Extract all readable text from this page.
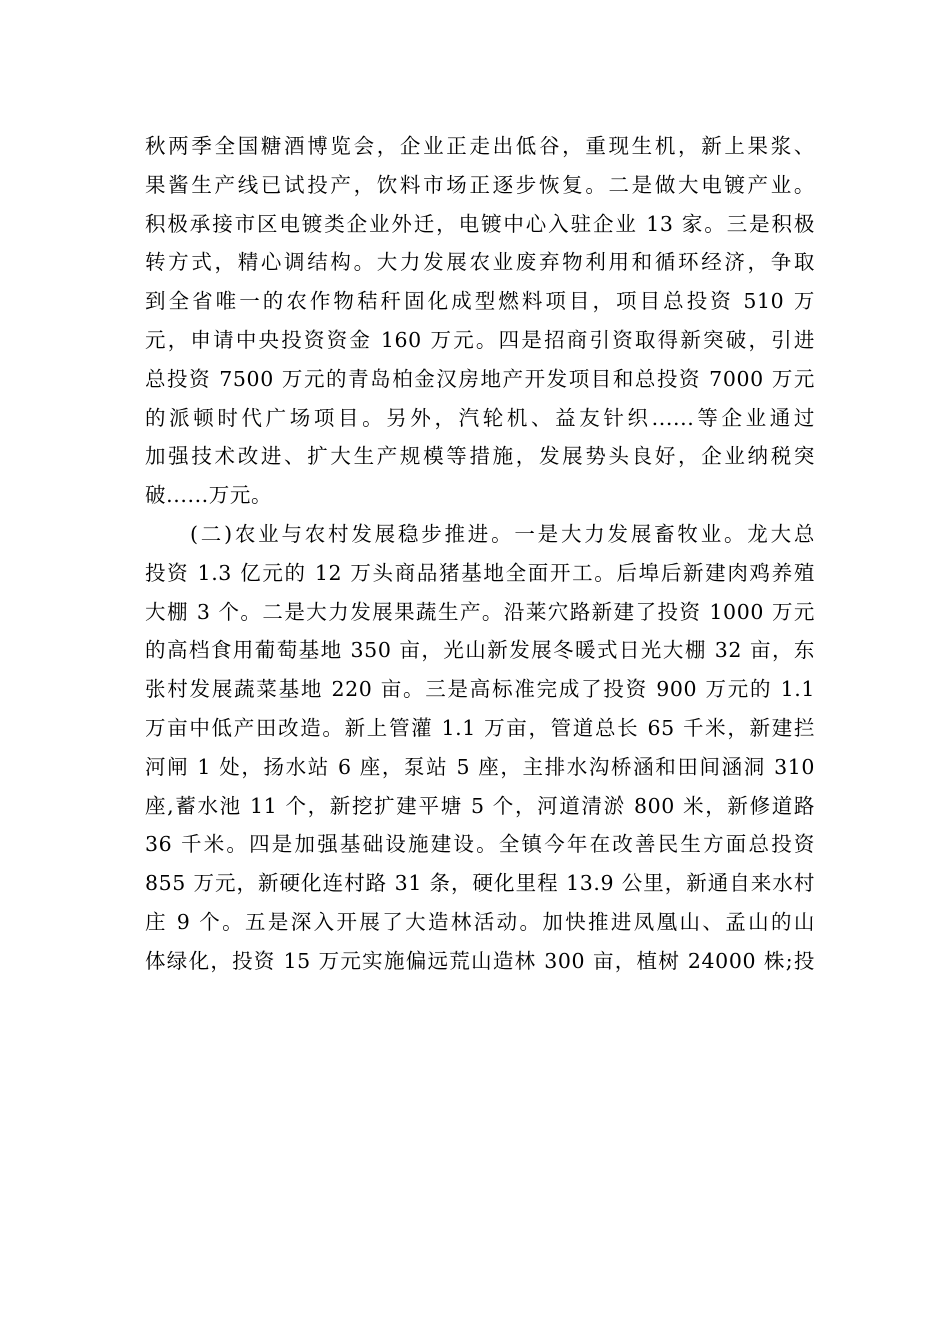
秋两季全国糖酒博览会，企业正走出低谷，重现生机，新上果浆、
果酱生产线已试投产，饮料市场正逐步恢复。二是做大电镀产业。
积极承接市区电镀类企业外迁，电镀中心入驻企业 13 家。三是积极
转方式，精心调结构。大力发展农业废弃物利用和循环经济，争取
到全省唯一的农作物秸秆固化成型燃料项目，项目总投资 510 万
元，申请中央投资资金 160 万元。四是招商引资取得新突破，引进
总投资 7500 万元的青岛柏金汉房地产开发项目和总投资 7000 万元
的派顿时代广场项目。另外，汽轮机、益友针织......等企业通过
加强技术改进、扩大生产规模等措施，发展势头良好，企业纳税突
破......万元。
(二)农业与农村发展稳步推进。一是大力发展畜牧业。龙大总
投资 1.3 亿元的 12 万头商品猪基地全面开工。后埠后新建肉鸡养殖
大棚 3 个。二是大力发展果蔬生产。沿莱穴路新建了投资 1000 万元
的高档食用葡萄基地 350 亩，光山新发展冬暖式日光大棚 32 亩，东
张村发展蔬菜基地 220 亩。三是高标准完成了投资 900 万元的 1.1
万亩中低产田改造。新上管灌 1.1 万亩，管道总长 65 千米，新建拦
河闸 1 处，扬水站 6 座，泵站 5 座，主排水沟桥涵和田间涵洞 310
座,蓄水池 11 个，新挖扩建平塘 5 个，河道清淤 800 米，新修道路
36 千米。四是加强基础设施建设。全镇今年在改善民生方面总投资
855 万元，新硬化连村路 31 条，硬化里程 13.9 公里，新通自来水村
庄 9 个。五是深入开展了大造林活动。加快推进凤凰山、孟山的山
体绿化，投资 15 万元实施偏远荒山造林 300 亩，植树 24000 株;投
